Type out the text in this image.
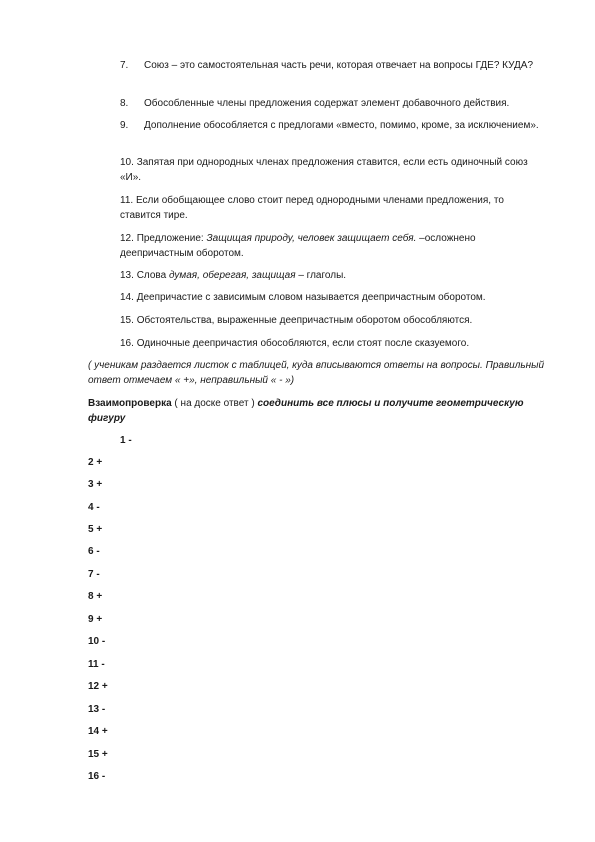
7. Союз – это самостоятельная часть речи, которая отвечает на вопросы ГДЕ? КУДА?
8. Обособленные члены предложения содержат элемент добавочного действия.
9. Дополнение обособляется с предлогами «вместо, помимо, кроме, за исключением».
10. Запятая при однородных членах предложения ставится, если есть одиночный союз «И».
11. Если обобщающее слово стоит перед однородными членами предложения, то ставится тире.
12. Предложение: Защищая природу, человек защищает себя. –осложнено деепричастным оборотом.
13. Слова думая, оберегая, защищая – глаголы.
14. Деепричастие с зависимым словом называется деепричастным оборотом.
15. Обстоятельства, выраженные деепричастным оборотом обособляются.
16. Одиночные деепричастия обособляются, если стоят после сказуемого.
( ученикам раздается листок с таблицей, куда вписываются ответы на вопросы. Правильный ответ отмечаем « +», неправильный « - »)
Взаимопроверка ( на доске ответ ) соединить все плюсы и получите геометрическую фигуру
1 -
2 +
3 +
4 -
5 +
6 -
7 -
8 +
9 +
10 -
11 -
12 +
13 -
14 +
15 +
16 -
